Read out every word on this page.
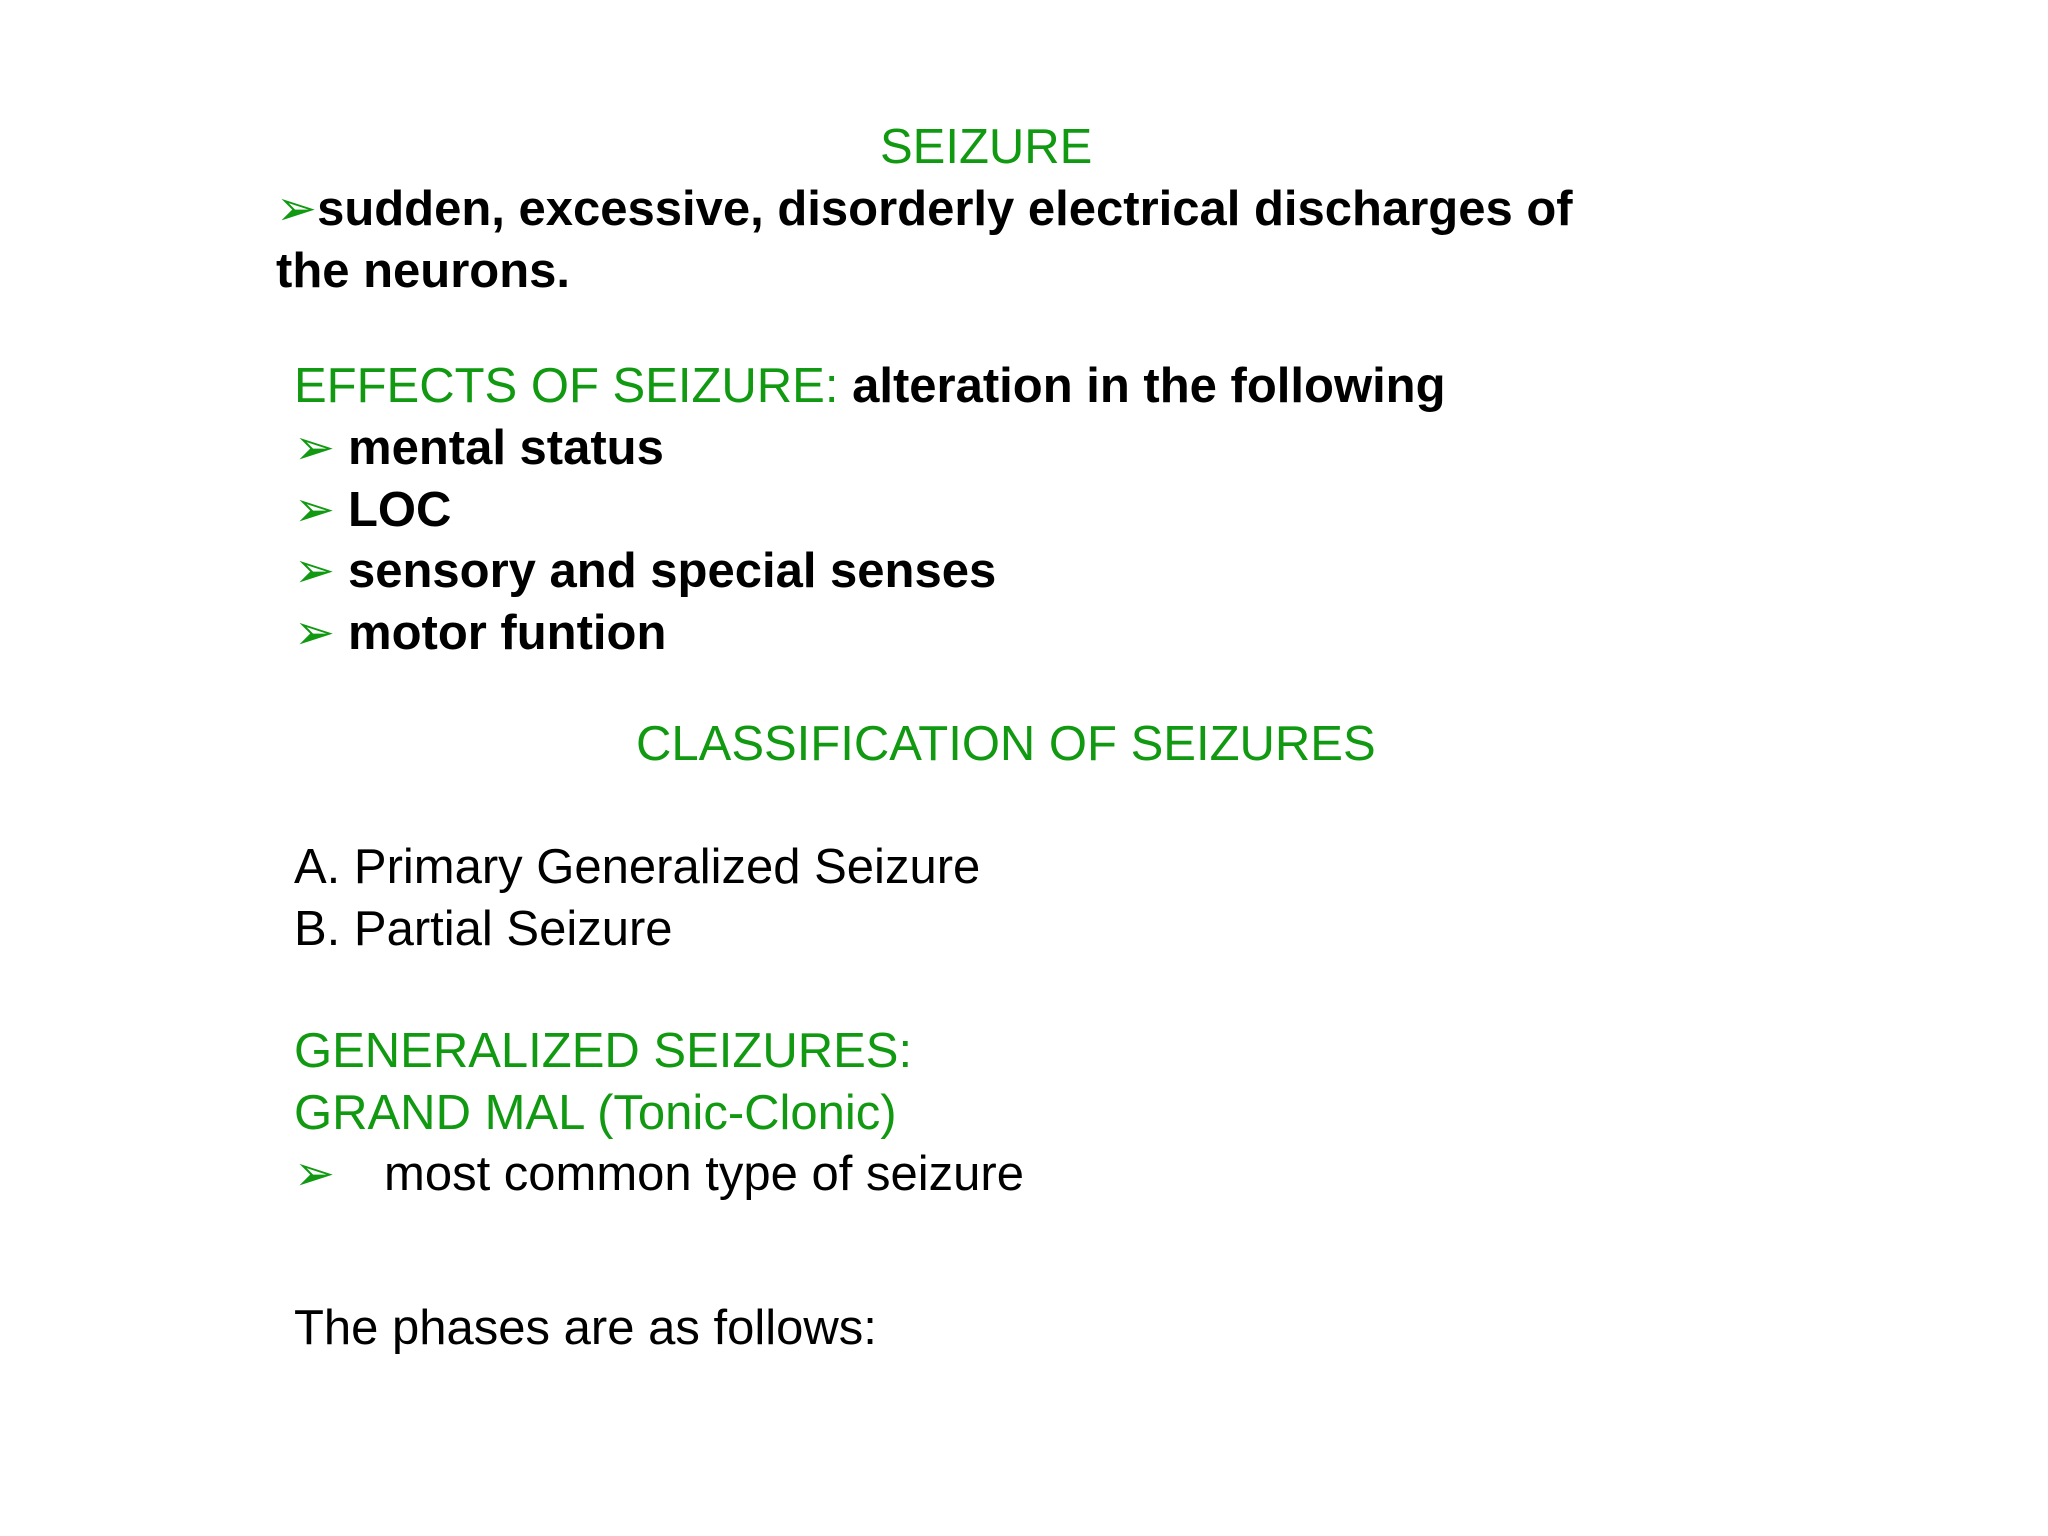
SEIZURE

➢sudden, excessive, disorderly electrical discharges of

the neurons.

EFFECTS OF SEIZURE: alteration in the following

➢ mental status

➢ LOC

➢ sensory and special senses

➢ motor funtion

CLASSIFICATION OF SEIZURES

A. Primary Generalized Seizure

B. Partial Seizure

GENERALIZED SEIZURES:

GRAND MAL (Tonic-Clonic)

➢ most common type of seizure

The phases are as follows:
